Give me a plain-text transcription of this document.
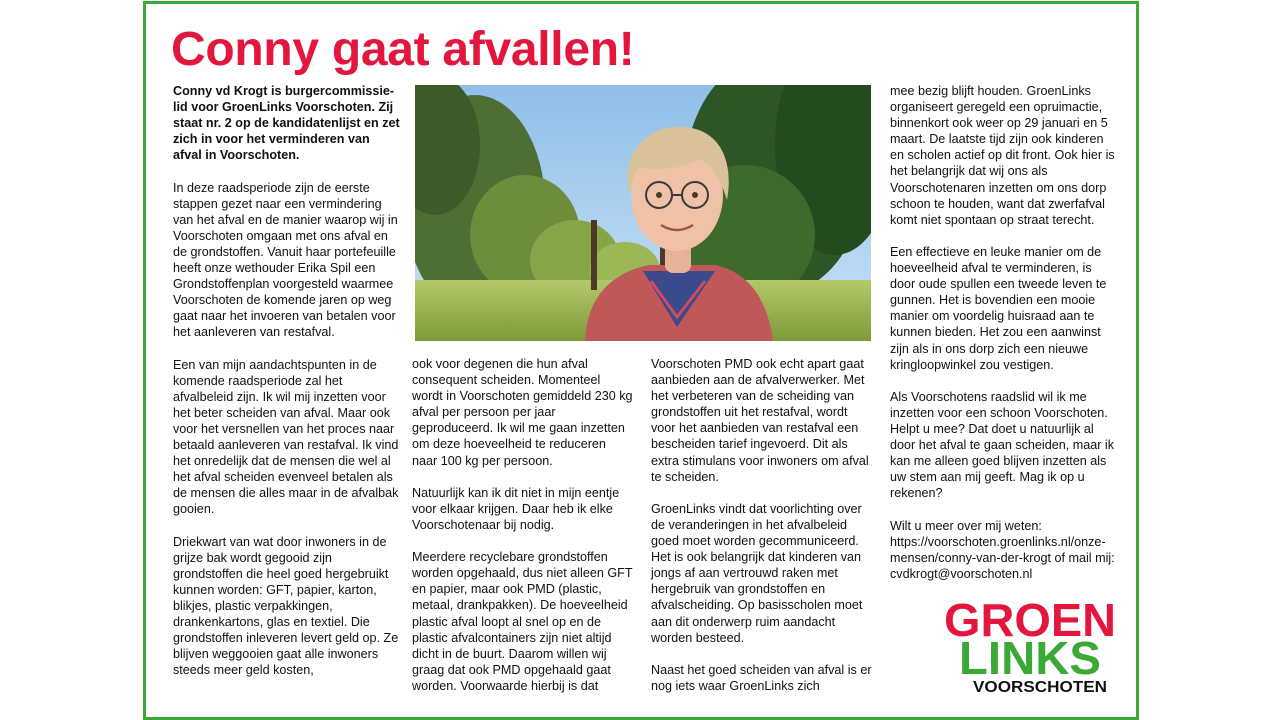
Conny gaat afvallen!

Conny vd Krogt is burgercommissie-lid voor GroenLinks Voorschoten. Zij staat nr. 2 op de kandidatenlijst en zet zich in voor het verminderen van afval in Voorschoten.

In deze raadsperiode zijn de eerste stappen gezet naar een vermindering van het afval en de manier waarop wij in Voorschoten omgaan met ons afval en de grondstoffen. Vanuit haar portefeuille heeft onze wethouder Erika Spil een Grondstoffenplan voorgesteld waarmee Voorschoten de komende jaren op weg gaat naar het invoeren van betalen voor het aanleveren van restafval.

Een van mijn aandachtspunten in de komende raadsperiode zal het afvalbeleid zijn. Ik wil mij inzetten voor het beter scheiden van afval. Maar ook voor het versnellen van het proces naar betaald aanleveren van restafval. Ik vind het onredelijk dat de mensen die wel al het afval scheiden evenveel betalen als de mensen die alles maar in de afvalbak gooien.

Driekwart van wat door inwoners in de grijze bak wordt gegooid zijn grondstoffen die heel goed hergebruikt kunnen worden: GFT, papier, karton, blikjes, plastic verpakkingen, drankenkartons, glas en textiel. Die grondstoffen inleveren levert geld op. Ze blijven weggooien gaat alle inwoners steeds meer geld kosten,

ook voor degenen die hun afval consequent scheiden. Momenteel wordt in Voorschoten gemiddeld 230 kg afval per persoon per jaar geproduceerd. Ik wil me gaan inzetten om deze hoeveelheid te reduceren naar 100 kg per persoon.

Natuurlijk kan ik dit niet in mijn eentje voor elkaar krijgen. Daar heb ik elke Voorschotenaar bij nodig.

Meerdere recyclebare grondstoffen worden opgehaald, dus niet alleen GFT en papier, maar ook PMD (plastic, metaal, drankpakken). De hoeveelheid plastic afval loopt al snel op en de plastic afvalcontainers zijn niet altijd dicht in de buurt. Daarom willen wij graag dat ook PMD opgehaald gaat worden. Voorwaarde hierbij is dat

Voorschoten PMD ook echt apart gaat aanbieden aan de afvalverwerker. Met het verbeteren van de scheiding van grondstoffen uit het restafval, wordt voor het aanbieden van restafval een bescheiden tarief ingevoerd. Dit als extra stimulans voor inwoners om afval te scheiden.

GroenLinks vindt dat voorlichting over de veranderingen in het afvalbeleid goed moet worden gecommuniceerd. Het is ook belangrijk dat kinderen van jongs af aan vertrouwd raken met hergebruik van grondstoffen en afvalscheiding. Op basisscholen moet aan dit onderwerp ruim aandacht worden besteed.

Naast het goed scheiden van afval is er nog iets waar GroenLinks zich

mee bezig blijft houden. GroenLinks organiseert geregeld een opruimactie, binnenkort ook weer op 29 januari en 5 maart. De laatste tijd zijn ook kinderen en scholen actief op dit front. Ook hier is het belangrijk dat wij ons als Voorschotenaren inzetten om ons dorp schoon te houden, want dat zwerfafval komt niet spontaan op straat terecht.

Een effectieve en leuke manier om de hoeveelheid afval te verminderen, is door oude spullen een tweede leven te gunnen. Het is bovendien een mooie manier om voordelig huisraad aan te kunnen bieden. Het zou een aanwinst zijn als in ons dorp zich een nieuwe kringloopwinkel zou vestigen.

Als Voorschotens raadslid wil ik me inzetten voor een schoon Voorschoten. Helpt u mee? Dat doet u natuurlijk al door het afval te gaan scheiden, maar ik kan me alleen goed blijven inzetten als uw stem aan mij geeft. Mag ik op u rekenen?

Wilt u meer over mij weten: https://voorschoten.groenlinks.nl/onze-mensen/conny-van-der-krogt of mail mij: cvdkrogt@voorschoten.nl

GROEN
LINKS
VOORSCHOTEN
